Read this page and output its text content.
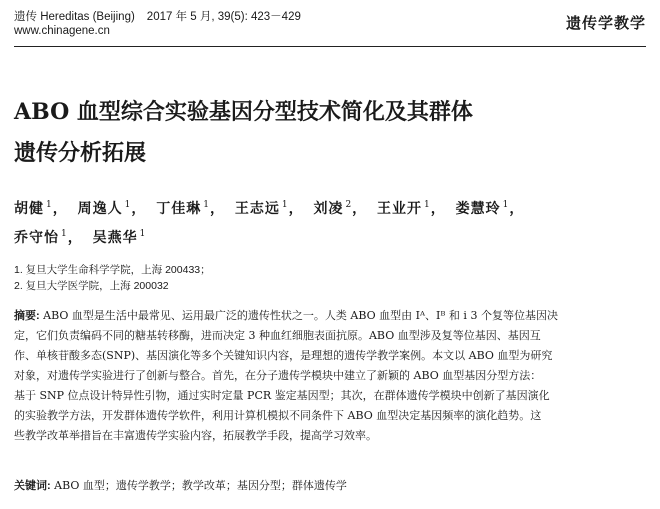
遗传 Hereditas (Beijing) 2017 年 5 月, 39(5): 423－429
www.chinagene.cn	遗传学教学
ABO 血型综合实验基因分型技术简化及其群体
遗传分析拓展
胡健 $^1$， 周逸人 $^1$， 丁佳琳 $^1$， 王志远 $^1$， 刘凌 $^2$， 王业开 $^1$， 娄慧玲 $^1$，
乔守怡 $^1$， 吴燕华 $^1$
1. 复旦大学生命科学学院，上海 200433；
2. 复旦大学医学院，上海 200032
摘要: ABO 血型是生活中最常见、运用最广泛的遗传性状之一。人类 ABO 血型由 Iᴬ、Iᴮ 和 i 3 个复等位基因决
定，它们负责编码不同的糖基转移酶，进而决定 3 种血红细胞表面抗原。ABO 血型涉及复等位基因、基因互
作、单核苷酸多态(SNP)、基因演化等多个关键知识内容，是理想的遗传学教学案例。本文以 ABO 血型为研究
对象，对遗传学实验进行了创新与整合。首先，在分子遗传学模块中建立了新颖的 ABO 血型基因分型方法：
基于 SNP 位点设计特异性引物，通过实时定量 PCR 鉴定基因型；其次，在群体遗传学模块中创新了基因演化
的实验教学方法，开发群体遗传学软件，利用计算机模拟不同条件下 ABO 血型决定基因频率的演化趋势。这
些教学改革举措旨在丰富遗传学实验内容，拓展教学手段，提高学习效率。
关键词: ABO 血型；遗传学教学；教学改革；基因分型；群体遗传学
